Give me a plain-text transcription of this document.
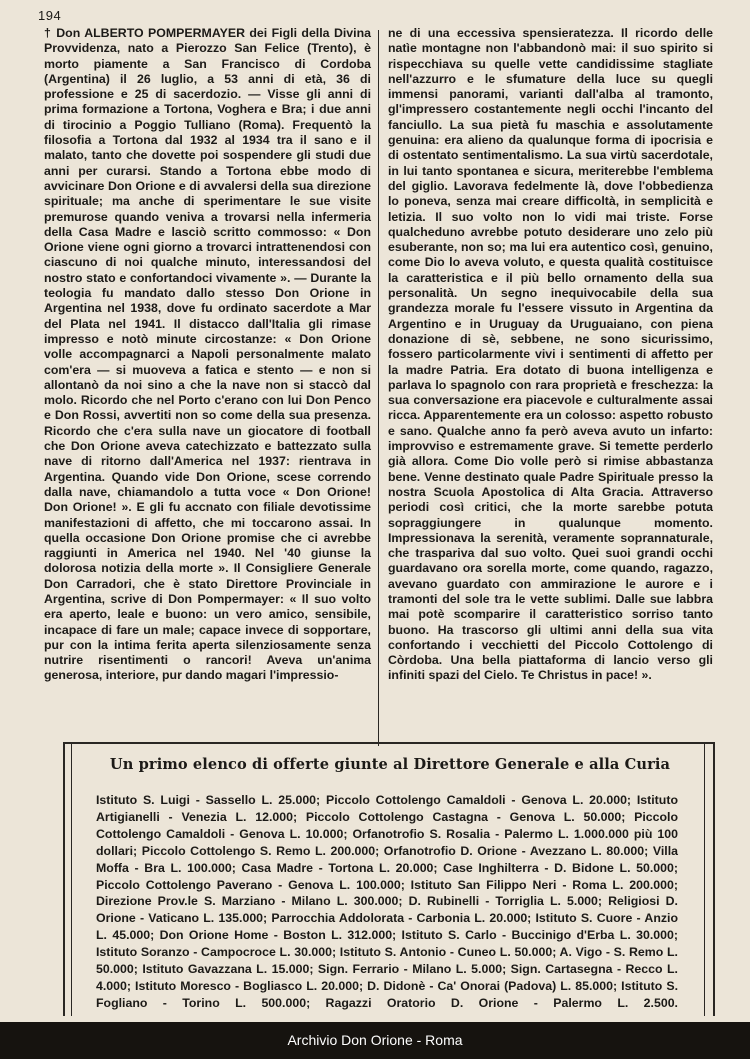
194

† Don ALBERTO POMPERMAYER dei Figli della Divina Provvidenza, nato a Pierozzo San Felice (Trento), è morto piamente a San Francisco di Cordoba (Argentina) il 26 luglio, a 53 anni di età, 36 di professione e 25 di sacerdozio. — Visse gli anni di prima formazione a Tortona, Voghera e Bra; i due anni di tirocinio a Poggio Tulliano (Roma). Frequentò la filosofia a Tortona dal 1932 al 1934 tra il sano e il malato, tanto che dovette poi sospendere gli studi due anni per curarsi. Stando a Tortona ebbe modo di avvicinare Don Orione e di avvalersi della sua direzione spirituale; ma anche di sperimentare le sue visite premurose quando veniva a trovarsi nella infermeria della Casa Madre e lasciò scritto commosso: « Don Orione viene ogni giorno a trovarci intrattenendosi con ciascuno di noi qualche minuto, interessandosi del nostro stato e confortandoci vivamente ». — Durante la teologia fu mandato dallo stesso Don Orione in Argentina nel 1938, dove fu ordinato sacerdote a Mar del Plata nel 1941. Il distacco dall'Italia gli rimase impresso e notò minute circostanze: « Don Orione volle accompagnarci a Napoli personalmente malato com'era — si muoveva a fatica e stento — e non si allontanò da noi sino a che la nave non si staccò dal molo. Ricordo che nel Porto c'erano con lui Don Penco e Don Rossi, avvertiti non so come della sua presenza. Ricordo che c'era sulla nave un giocatore di football che Don Orione aveva catechizzato e battezzato sulla nave di ritorno dall'America nel 1937: rientrava in Argentina. Quando vide Don Orione, scese correndo dalla nave, chiamandolo a tutta voce « Don Orione! Don Orione! ». E gli fu accnato con filiale devotissime manifestazioni di affetto, che mi toccarono assai. In quella occasione Don Orione promise che ci avrebbe raggiunti in America nel 1940. Nel '40 giunse la dolorosa notizia della morte ». Il Consigliere Generale Don Carradori, che è stato Direttore Provinciale in Argentina, scrive di Don Pompermayer: « Il suo volto era aperto, leale e buono: un vero amico, sensibile, incapace di fare un male; capace invece di sopportare, pur con la intima ferita aperta silenziosamente senza nutrire risentimenti o rancori! Aveva un'anima generosa, interiore, pur dando magari l'impressio-

ne di una eccessiva spensieratezza. Il ricordo delle natìe montagne non l'abbandonò mai: il suo spirito si rispecchiava su quelle vette candidissime stagliate nell'azzurro e le sfumature della luce su quegli immensi panorami, varianti dall'alba al tramonto, gl'impressero costantemente negli occhi l'incanto del fanciullo. La sua pietà fu maschia e assolutamente genuina: era alieno da qualunque forma di ipocrisia e di ostentato sentimentalismo. La sua virtù sacerdotale, in lui tanto spontanea e sicura, meriterebbe l'emblema del giglio. Lavorava fedelmente là, dove l'obbedienza lo poneva, senza mai creare difficoltà, in semplicità e letizia. Il suo volto non lo vidi mai triste. Forse qualcheduno avrebbe potuto desiderare uno zelo più esuberante, non so; ma lui era autentico così, genuino, come Dio lo aveva voluto, e questa qualità costituisce la caratteristica e il più bello ornamento della sua personalità. Un segno inequivocabile della sua grandezza morale fu l'essere vissuto in Argentina da Argentino e in Uruguay da Uruguaiano, con piena donazione di sè, sebbene, ne sono sicurissimo, fossero particolarmente vivi i sentimenti di affetto per la madre Patria. Era dotato di buona intelligenza e parlava lo spagnolo con rara proprietà e freschezza: la sua conversazione era piacevole e culturalmente assai ricca. Apparentemente era un colosso: aspetto robusto e sano. Qualche anno fa però aveva avuto un infarto: improvviso e estremamente grave. Si temette perderlo già allora. Come Dio volle però si rimise abbastanza bene. Venne destinato quale Padre Spirituale presso la nostra Scuola Apostolica di Alta Gracia. Attraverso periodi così critici, che la morte sarebbe potuta sopraggiungere in qualunque momento. Impressionava la serenità, veramente soprannaturale, che traspariva dal suo volto. Quei suoi grandi occhi guardavano ora sorella morte, come quando, ragazzo, avevano guardato con ammirazione le aurore e i tramonti del sole tra le vette sublimi. Dalle sue labbra mai potè scomparire il caratteristico sorriso tanto buono. Ha trascorso gli ultimi anni della sua vita confortando i vecchietti del Piccolo Cottolengo di Còrdoba. Una bella piattaforma di lancio verso gli infiniti spazi del Cielo. Te Christus in pace! ».

Un primo elenco di offerte giunte al Direttore Generale e alla Curia
Istituto S. Luigi - Sassello L. 25.000; Piccolo Cottolengo Camaldoli - Genova L. 20.000; Istituto Artigianelli - Venezia L. 12.000; Piccolo Cottolengo Castagna - Genova L. 50.000; Piccolo Cottolengo Camaldoli - Genova L. 10.000; Orfanotrofio S. Rosalia - Palermo L. 1.000.000 più 100 dollari; Piccolo Cottolengo S. Remo L. 200.000; Orfanotrofio D. Orione - Avezzano L. 80.000; Villa Moffa - Bra L. 100.000; Casa Madre - Tortona L. 20.000; Case Inghilterra - D. Bidone L. 50.000; Piccolo Cottolengo Paverano - Genova L. 100.000; Istituto San Filippo Neri - Roma L. 200.000; Direzione Prov.le S. Marziano - Milano L. 300.000; D. Rubinelli - Torriglia L. 5.000; Religiosi D. Orione - Vaticano L. 135.000; Parrocchia Addolorata - Carbonia L. 20.000; Istituto S. Cuore - Anzio L. 45.000; Don Orione Home - Boston L. 312.000; Istituto S. Carlo - Buccinigo d'Erba L. 30.000; Istituto Soranzo - Campocroce L. 30.000; Istituto S. Antonio - Cuneo L. 50.000; A. Vigo - S. Remo L. 50.000; Istituto Gavazzana L. 15.000; Sign. Ferrario - Milano L. 5.000; Sign. Cartasegna - Recco L. 4.000; Istituto Moresco - Bogliasco L. 20.000; D. Didonè - Ca' Onorai (Padova) L. 85.000; Istituto S. Fogliano - Torino L. 500.000; Ragazzi Oratorio D. Orione - Palermo L. 2.500.
Archivio Don Orione - Roma
